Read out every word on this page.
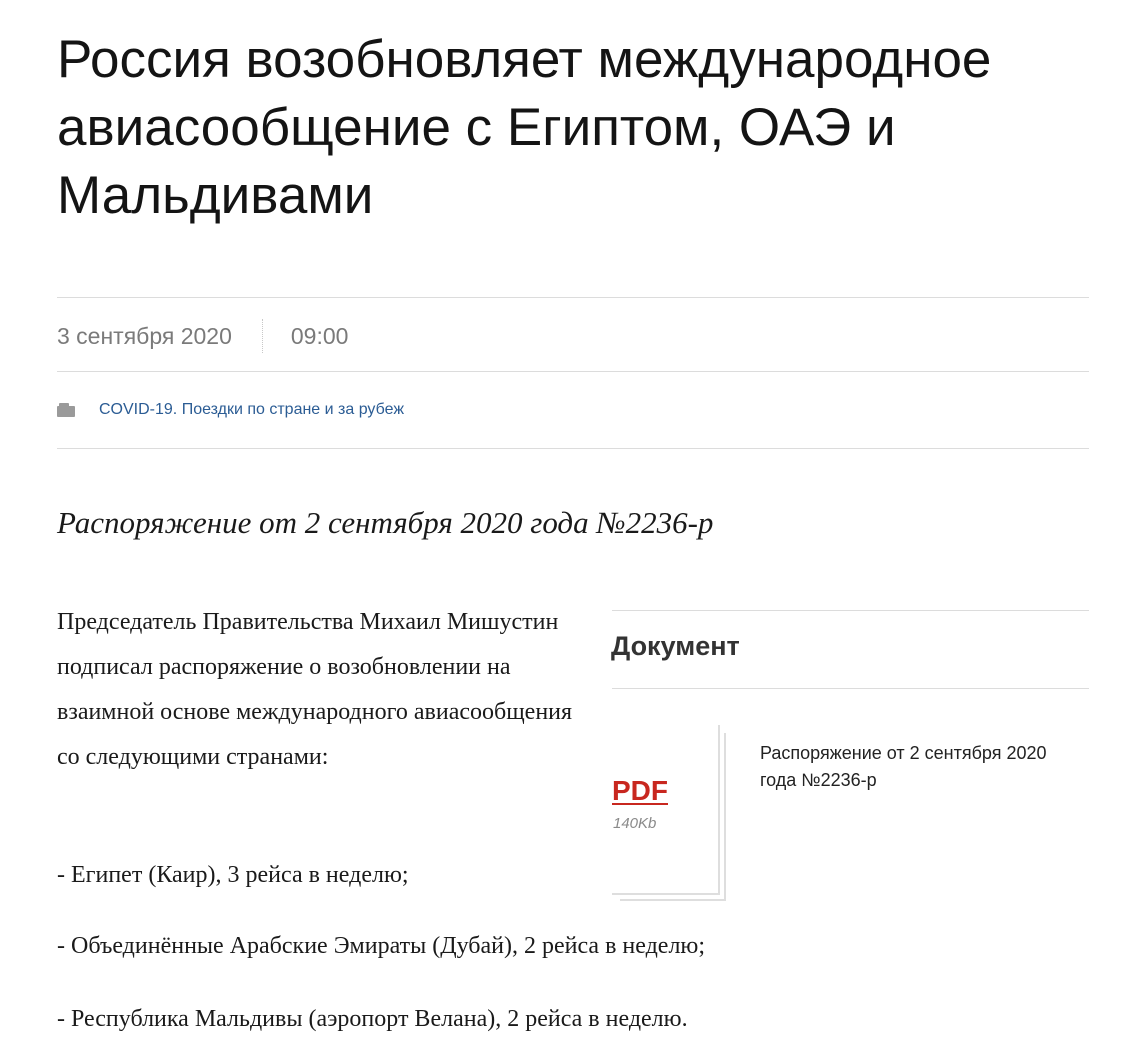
Россия возобновляет международное авиасообщение с Египтом, ОАЭ и Мальдивами
3 сентября 2020	09:00
COVID-19. Поездки по стране и за рубеж

Распоряжение от 2 сентября 2020 года №2236-р

Председатель Правительства Михаил Мишустин подписал распоряжение о возобновлении на взаимной основе международного авиасообщения со следующими странами:

- Египет (Каир), 3 рейса в неделю;

- Объединённые Арабские Эмираты (Дубай), 2 рейса в неделю;

- Республика Мальдивы (аэропорт Велана), 2 рейса в неделю.

Документ
PDF
140Kb

Распоряжение от 2 сентября 2020 года №2236-р
